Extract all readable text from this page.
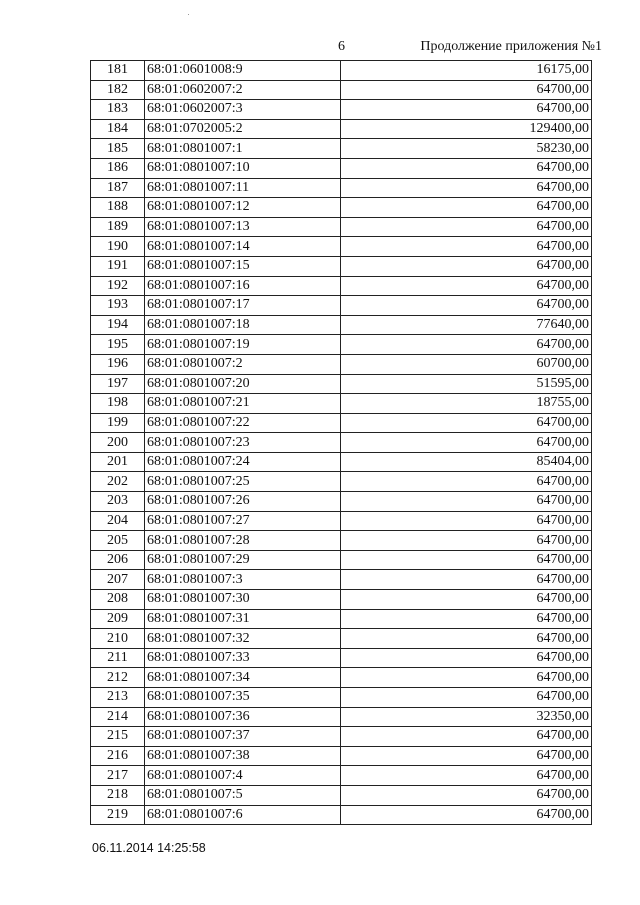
6	Продолжение приложения №1
181	68:01:0601008:9	16175,00
182	68:01:0602007:2	64700,00
183	68:01:0602007:3	64700,00
184	68:01:0702005:2	129400,00
185	68:01:0801007:1	58230,00
186	68:01:0801007:10	64700,00
187	68:01:0801007:11	64700,00
188	68:01:0801007:12	64700,00
189	68:01:0801007:13	64700,00
190	68:01:0801007:14	64700,00
191	68:01:0801007:15	64700,00
192	68:01:0801007:16	64700,00
193	68:01:0801007:17	64700,00
194	68:01:0801007:18	77640,00
195	68:01:0801007:19	64700,00
196	68:01:0801007:2	60700,00
197	68:01:0801007:20	51595,00
198	68:01:0801007:21	18755,00
199	68:01:0801007:22	64700,00
200	68:01:0801007:23	64700,00
201	68:01:0801007:24	85404,00
202	68:01:0801007:25	64700,00
203	68:01:0801007:26	64700,00
204	68:01:0801007:27	64700,00
205	68:01:0801007:28	64700,00
206	68:01:0801007:29	64700,00
207	68:01:0801007:3	64700,00
208	68:01:0801007:30	64700,00
209	68:01:0801007:31	64700,00
210	68:01:0801007:32	64700,00
211	68:01:0801007:33	64700,00
212	68:01:0801007:34	64700,00
213	68:01:0801007:35	64700,00
214	68:01:0801007:36	32350,00
215	68:01:0801007:37	64700,00
216	68:01:0801007:38	64700,00
217	68:01:0801007:4	64700,00
218	68:01:0801007:5	64700,00
219	68:01:0801007:6	64700,00
06.11.2014 14:25:58
